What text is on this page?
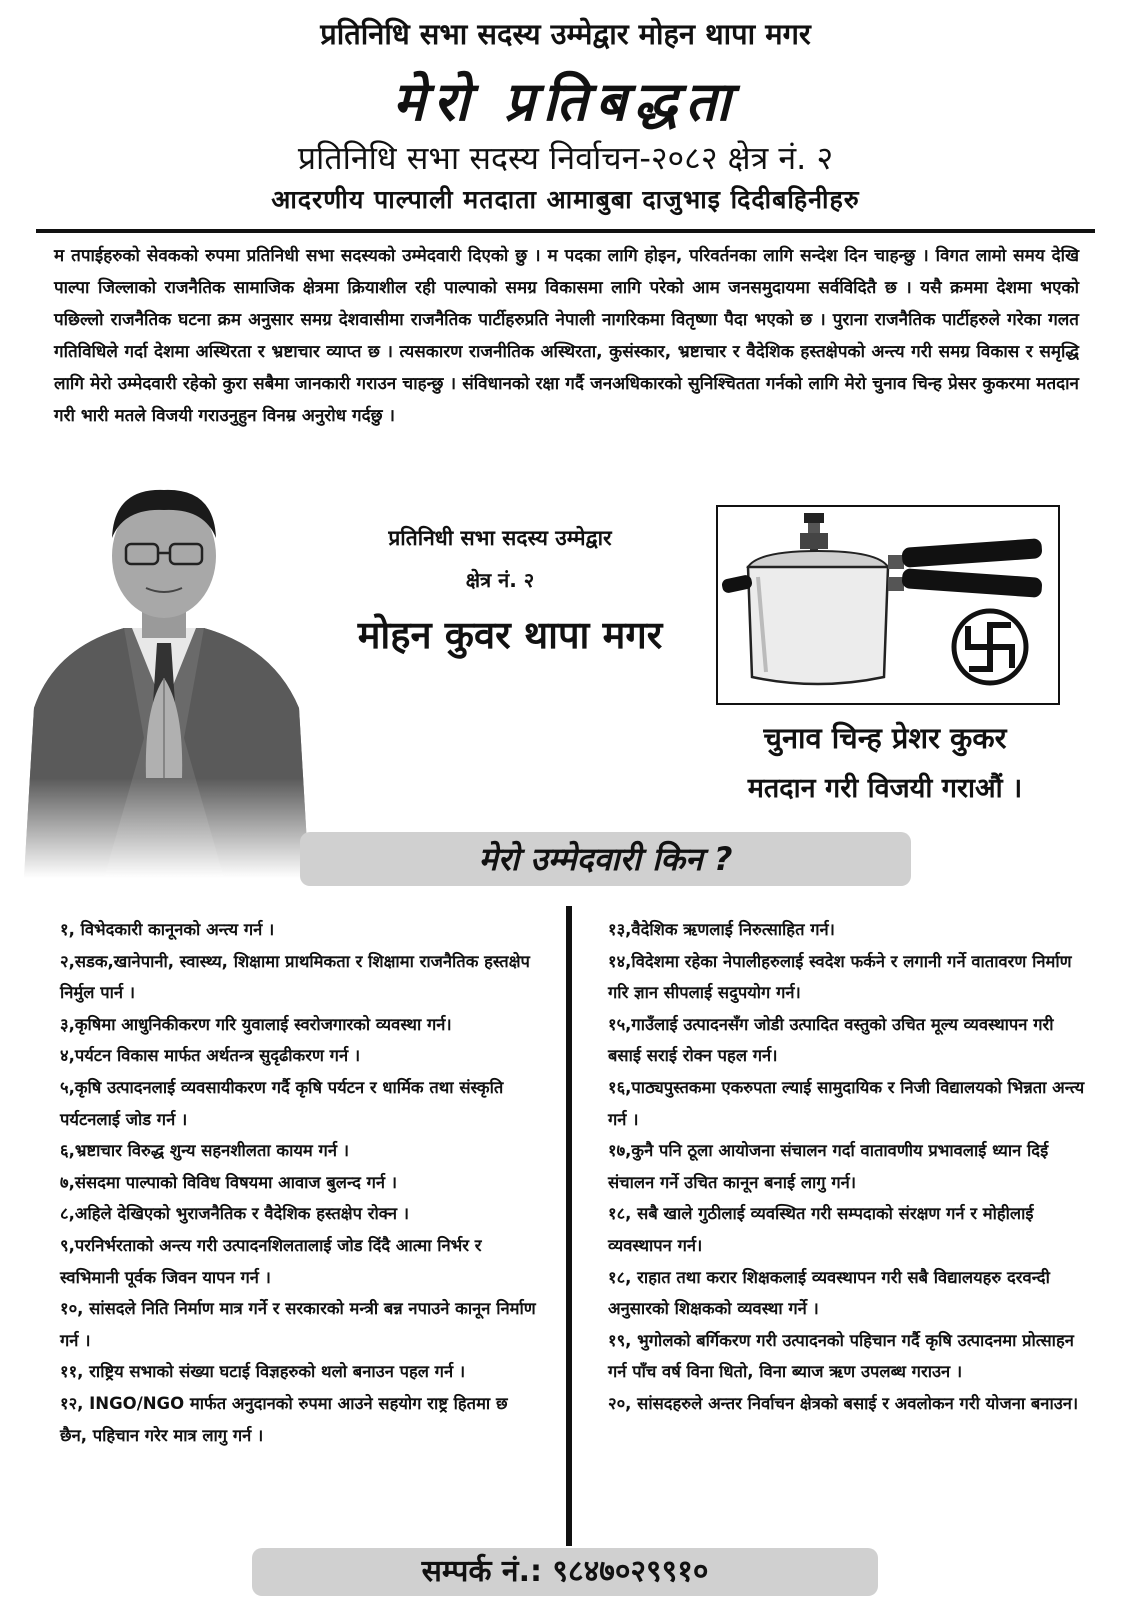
प्रतिनिधि सभा सदस्य उम्मेद्वार मोहन थापा मगर
मेरो प्रतिबद्धता
प्रतिनिधि सभा सदस्य निर्वाचन-२०८२ क्षेत्र नं. २
आदरणीय पाल्पाली मतदाता आमाबुबा दाजुभाइ दिदीबहिनीहरु
म तपाईहरुको सेवकको रुपमा प्रतिनिधी सभा सदस्यको उम्मेदवारी दिएको छु । म पदका लागि होइन, परिवर्तनका लागि सन्देश दिन चाहन्छु । विगत लामो समय देखि पाल्पा जिल्लाको राजनैतिक सामाजिक क्षेत्रमा क्रियाशील रही पाल्पाको समग्र विकासमा लागि परेको आम जनसमुदायमा सर्वविदितै छ । यसै क्रममा देशमा भएको पछिल्लो राजनैतिक घटना क्रम अनुसार समग्र देशवासीमा राजनैतिक पार्टीहरुप्रति नेपाली नागरिकमा वितृष्णा पैदा भएको छ । पुराना राजनैतिक पार्टीहरुले गरेका गलत गतिविधिले गर्दा देशमा अस्थिरता र भ्रष्टाचार व्याप्त छ । त्यसकारण राजनीतिक अस्थिरता, कुसंस्कार, भ्रष्टाचार र वैदेशिक हस्तक्षेपको अन्त्य गरी समग्र विकास र समृद्धि लागि मेरो उम्मेदवारी रहेको कुरा सबैमा जानकारी गराउन चाहन्छु । संविधानको रक्षा गर्दै जनअधिकारको सुनिश्चितता गर्नको लागि मेरो चुनाव चिन्ह प्रेसर कुकरमा मतदान गरी भारी मतले विजयी गराउनुहुन विनम्र अनुरोध गर्दछु ।
प्रतिनिधी सभा सदस्य उम्मेद्वार
क्षेत्र नं. २
मोहन कुवर थापा मगर
चुनाव चिन्ह प्रेशर कुकर
मतदान गरी विजयी गराऔं ।
मेरो उम्मेदवारी किन ?

१, विभेदकारी कानूनको अन्त्य गर्न ।

२,सडक,खानेपानी, स्वास्थ्य, शिक्षामा प्राथमिकता र शिक्षामा राजनैतिक हस्तक्षेप निर्मुल पार्न ।

३,कृषिमा आधुनिकीकरण गरि युवालाई स्वरोजगारको व्यवस्था गर्न।

४,पर्यटन विकास मार्फत अर्थतन्त्र सुदृढीकरण गर्न ।

५,कृषि उत्पादनलाई व्यवसायीकरण गर्दै कृषि पर्यटन र धार्मिक तथा संस्कृति पर्यटनलाई जोड गर्न ।

६,भ्रष्टाचार विरुद्ध शुन्य सहनशीलता कायम गर्न ।

७,संसदमा पाल्पाको विविध विषयमा आवाज बुलन्द गर्न ।

८,अहिले देखिएको भुराजनैतिक र वैदेशिक हस्तक्षेप रोक्न ।

९,परनिर्भरताको अन्त्य गरी उत्पादनशिलतालाई जोड दिंदै आत्मा निर्भर र स्वभिमानी पूर्वक जिवन यापन गर्न ।

१०, सांसदले निति निर्माण मात्र गर्ने र सरकारको मन्त्री बन्न नपाउने कानून निर्माण गर्न ।

११, राष्ट्रिय सभाको संख्या घटाई विज्ञहरुको थलो बनाउन पहल गर्न ।

१२, INGO/NGO मार्फत अनुदानको रुपमा आउने सहयोग राष्ट्र हितमा छ छैन, पहिचान गरेर मात्र लागु गर्न ।

१३,वैदेशिक ऋणलाई निरुत्साहित गर्न।

१४,विदेशमा रहेका नेपालीहरुलाई स्वदेश फर्कने र लगानी गर्ने वातावरण निर्माण गरि ज्ञान सीपलाई सदुपयोग गर्न।

१५,गाउँलाई उत्पादनसँग जोडी उत्पादित वस्तुको उचित मूल्य व्यवस्थापन गरी बसाई सराई रोक्न पहल गर्न।

१६,पाठ्यपुस्तकमा एकरुपता ल्याई सामुदायिक र निजी विद्यालयको भिन्नता अन्त्य गर्न ।

१७,कुनै पनि ठूला आयोजना संचालन गर्दा वातावणीय प्रभावलाई ध्यान दिई संचालन गर्ने उचित कानून बनाई लागु गर्न।

१८, सबै खाले गुठीलाई व्यवस्थित गरी सम्पदाको संरक्षण गर्न र मोहीलाई व्यवस्थापन गर्न।

१८, राहात तथा करार शिक्षकलाई व्यवस्थापन गरी सबै विद्यालयहरु दरवन्दी अनुसारको शिक्षकको व्यवस्था गर्ने ।

१९, भुगोलको बर्गिकरण गरी उत्पादनको पहिचान गर्दै कृषि उत्पादनमा प्रोत्साहन गर्न पाँच वर्ष विना धितो, विना ब्याज ऋण उपलब्ध गराउन ।

२०, सांसदहरुले अन्तर निर्वाचन क्षेत्रको बसाई र अवलोकन गरी योजना बनाउन।

सम्पर्क नं.: ९८४७०२९९१०
